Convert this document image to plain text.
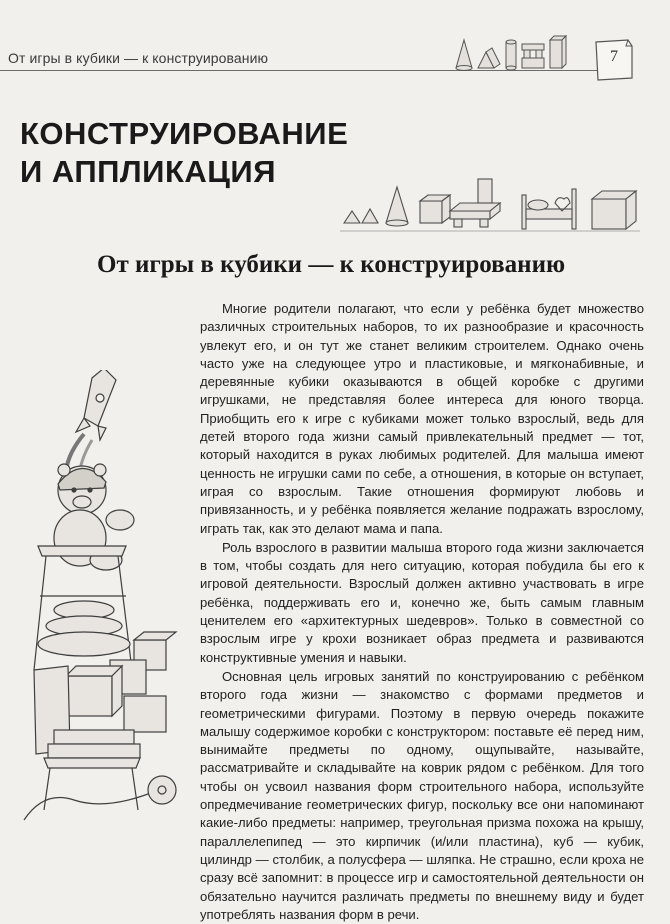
От игры в кубики — к конструированию	7
КОНСТРУИРОВАНИЕ
И АППЛИКАЦИЯ
От игры в кубики — к конструированию

Многие родители полагают, что если у ребёнка будет множество различных строительных наборов, то их разнообразие и красочность увлекут его, и он тут же станет великим строителем. Однако очень часто уже на следующее утро и пластиковые, и мягконабивные, и деревянные кубики оказываются в общей коробке с другими игрушками, не представляя более интереса для юного творца. Приобщить его к игре с кубиками может только взрослый, ведь для детей второго года жизни самый привлекательный предмет — тот, который находится в руках любимых родителей. Для малыша имеют ценность не игрушки сами по себе, а отношения, в которые он вступает, играя со взрослым. Такие отношения формируют любовь и привязанность, и у ребёнка появляется желание подражать взрослому, играть так, как это делают мама и папа.

Роль взрослого в развитии малыша второго года жизни заключается в том, чтобы создать для него ситуацию, которая побудила бы его к игровой деятельности. Взрослый должен активно участвовать в игре ребёнка, поддерживать его и, конечно же, быть самым главным ценителем его «архитектурных шедевров». Только в совместной со взрослым игре у крохи возникает образ предмета и развиваются конструктивные умения и навыки.

Основная цель игровых занятий по конструированию с ребёнком второго года жизни — знакомство с формами предметов и геометрическими фигурами. Поэтому в первую очередь покажите малышу содержимое коробки с конструктором: поставьте её перед ним, вынимайте предметы по одному, ощупывайте, называйте, рассматривайте и складывайте на коврик рядом с ребёнком. Для того чтобы он усвоил названия форм строительного набора, используйте опредмечивание геометрических фигур, поскольку все они напоминают какие-либо предметы: например, треугольная призма похожа на крышу, параллелепипед — это кирпичик (и/или пластина), куб — кубик, цилиндр — столбик, а полусфера — шляпка. Не страшно, если кроха не сразу всё запомнит: в процессе игр и самостоятельной деятельности он обязательно научится различать предметы по внешнему виду и будет употреблять названия форм в речи.
